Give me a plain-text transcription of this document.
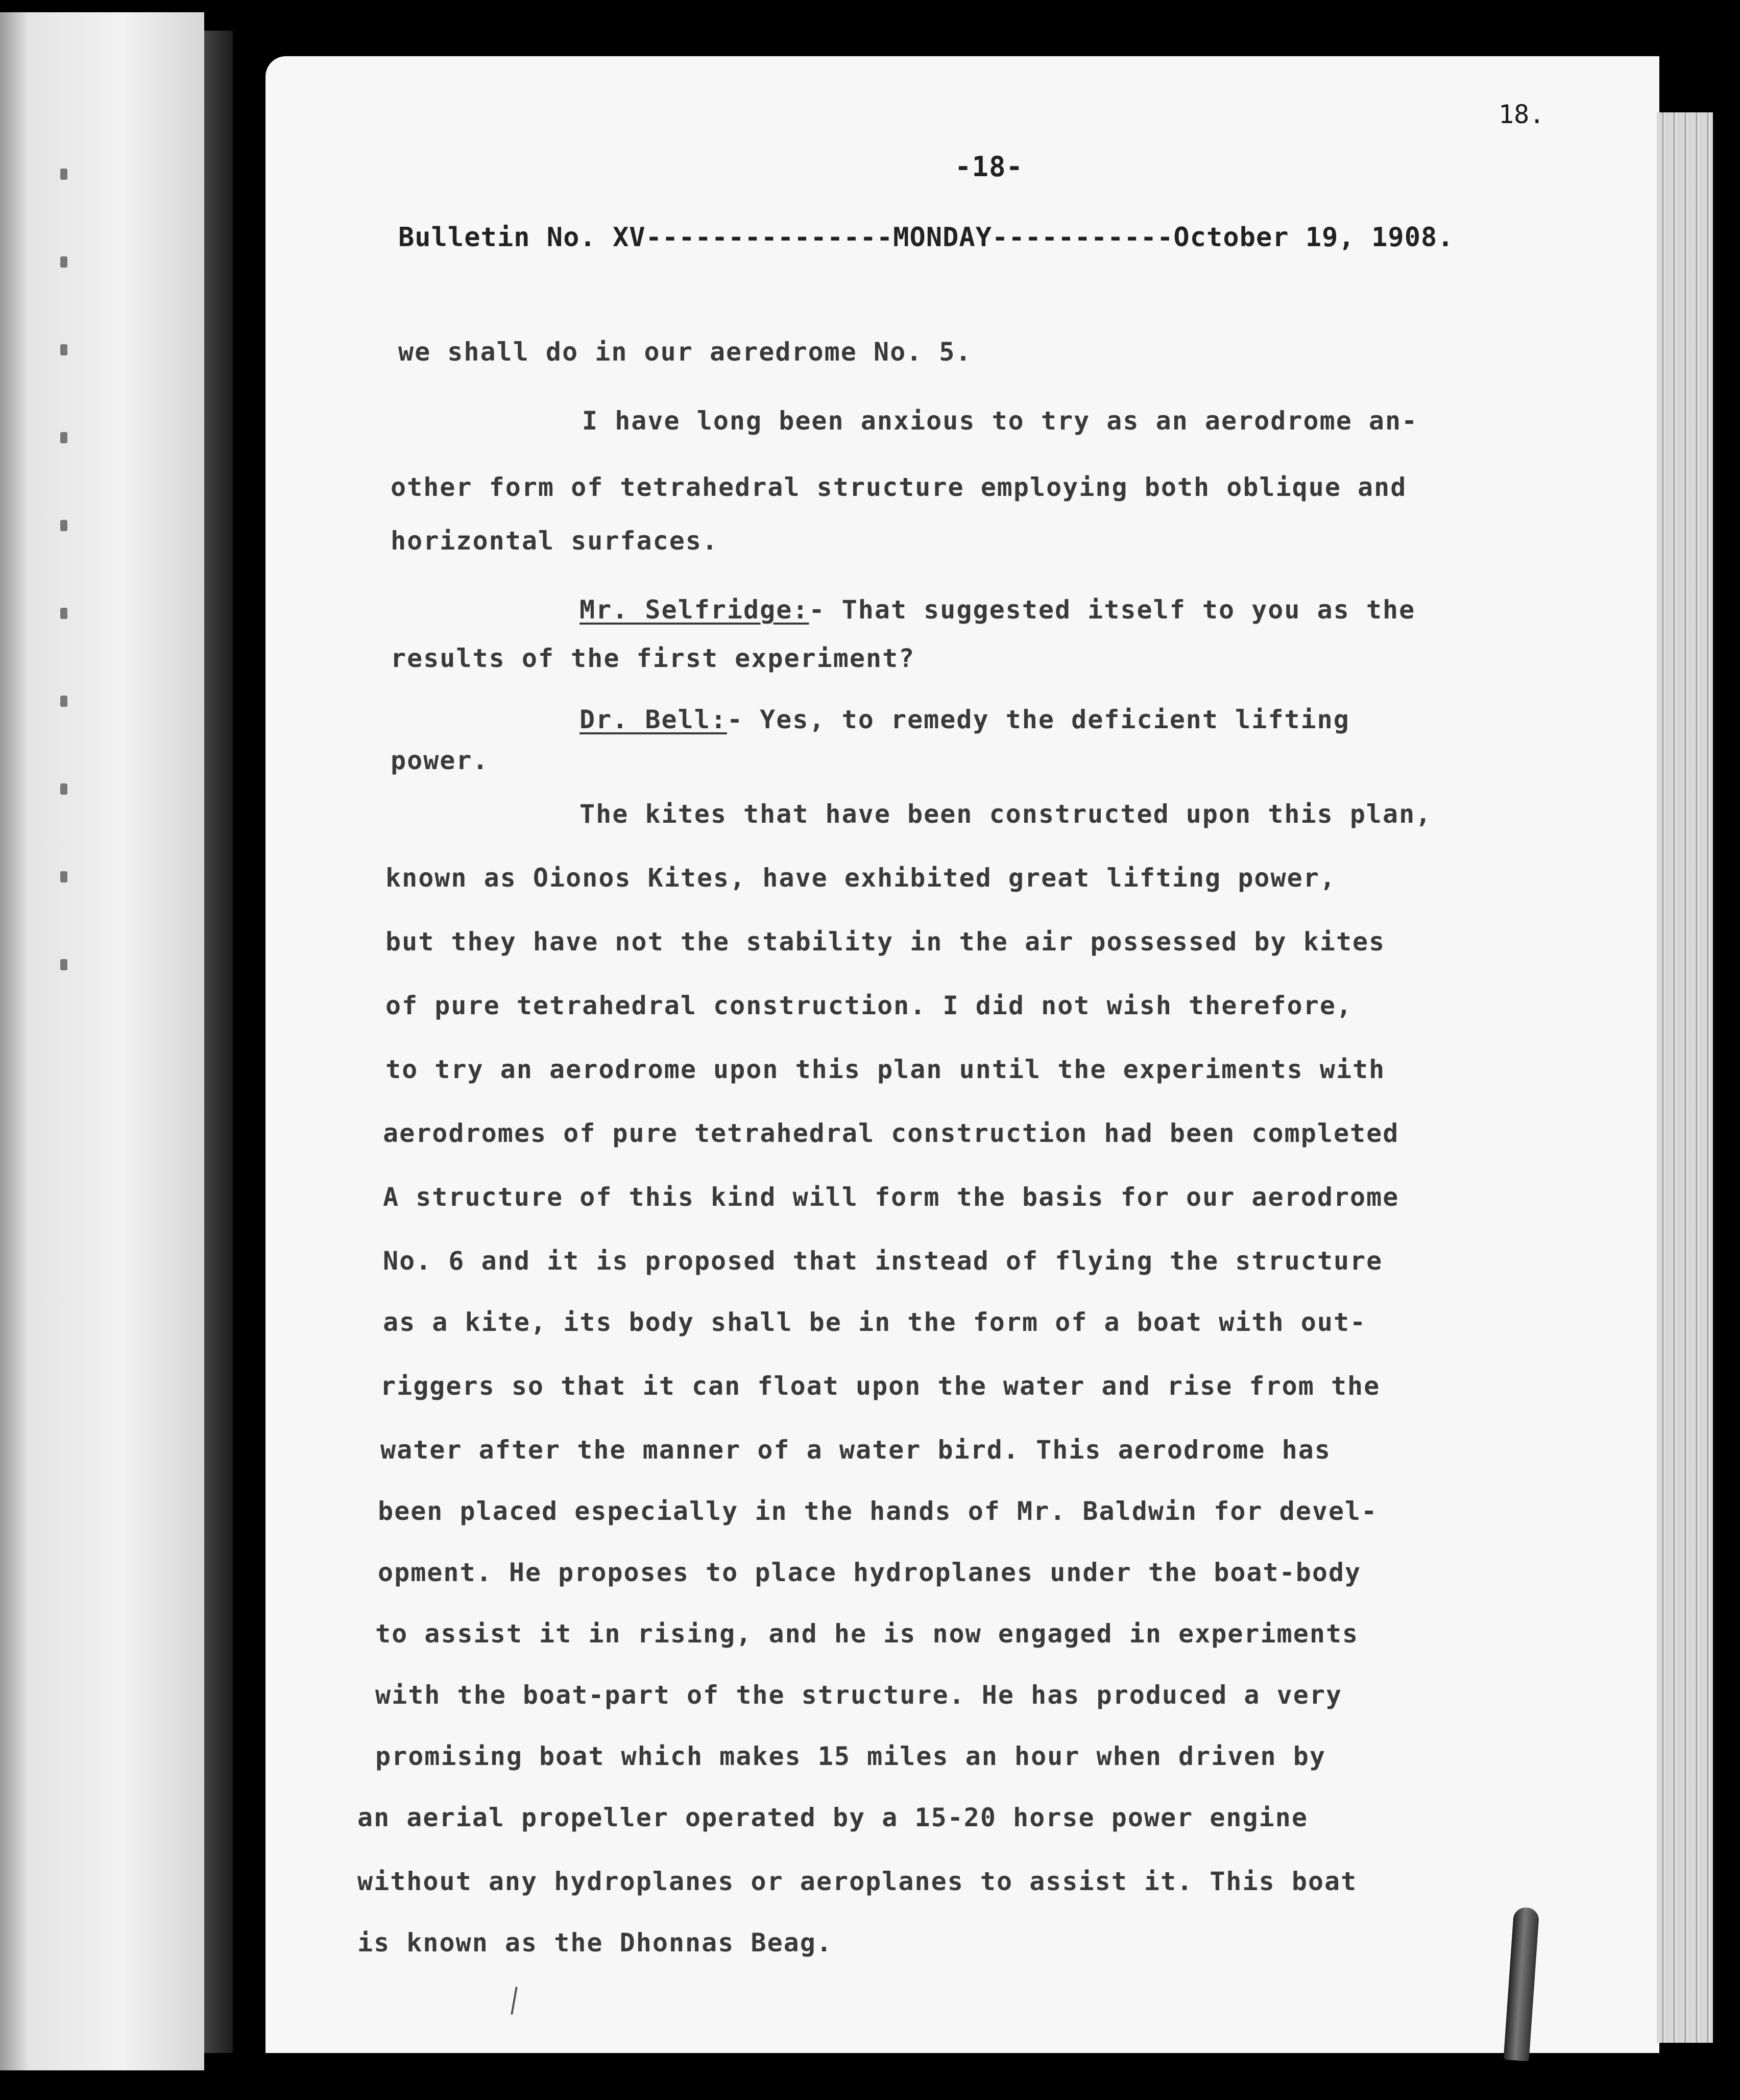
18.
-18-
Bulletin No. XV---------------MONDAY-----------October 19, 1908.
we shall do in our aeredrome No. 5.
I have long been anxious to try as an aerodrome an-
other form of tetrahedral structure employing both oblique and
horizontal surfaces.
Mr. Selfridge:- That suggested itself to you as the
results of the first experiment?
Dr. Bell:- Yes, to remedy the deficient lifting
power.
The kites that have been constructed upon this plan,
known as Oionos Kites, have exhibited great lifting power,
but they have not the stability in the air possessed by kites
of pure tetrahedral construction. I did not wish therefore,
to try an aerodrome upon this plan until the experiments with
aerodromes of pure tetrahedral construction had been completed
A structure of this kind will form the basis for our aerodrome
No. 6 and it is proposed that instead of flying the structure
as a kite, its body shall be in the form of a boat with out-
riggers so that it can float upon the water and rise from the
water after the manner of a water bird. This aerodrome has
been placed especially in the hands of Mr. Baldwin for devel-
opment. He proposes to place hydroplanes under the boat-body
to assist it in rising, and he is now engaged in experiments
with the boat-part of the structure. He has produced a very
promising boat which makes 15 miles an hour when driven by
an aerial propeller operated by a 15-20 horse power engine
without any hydroplanes or aeroplanes to assist it. This boat
is known as the Dhonnas Beag.
